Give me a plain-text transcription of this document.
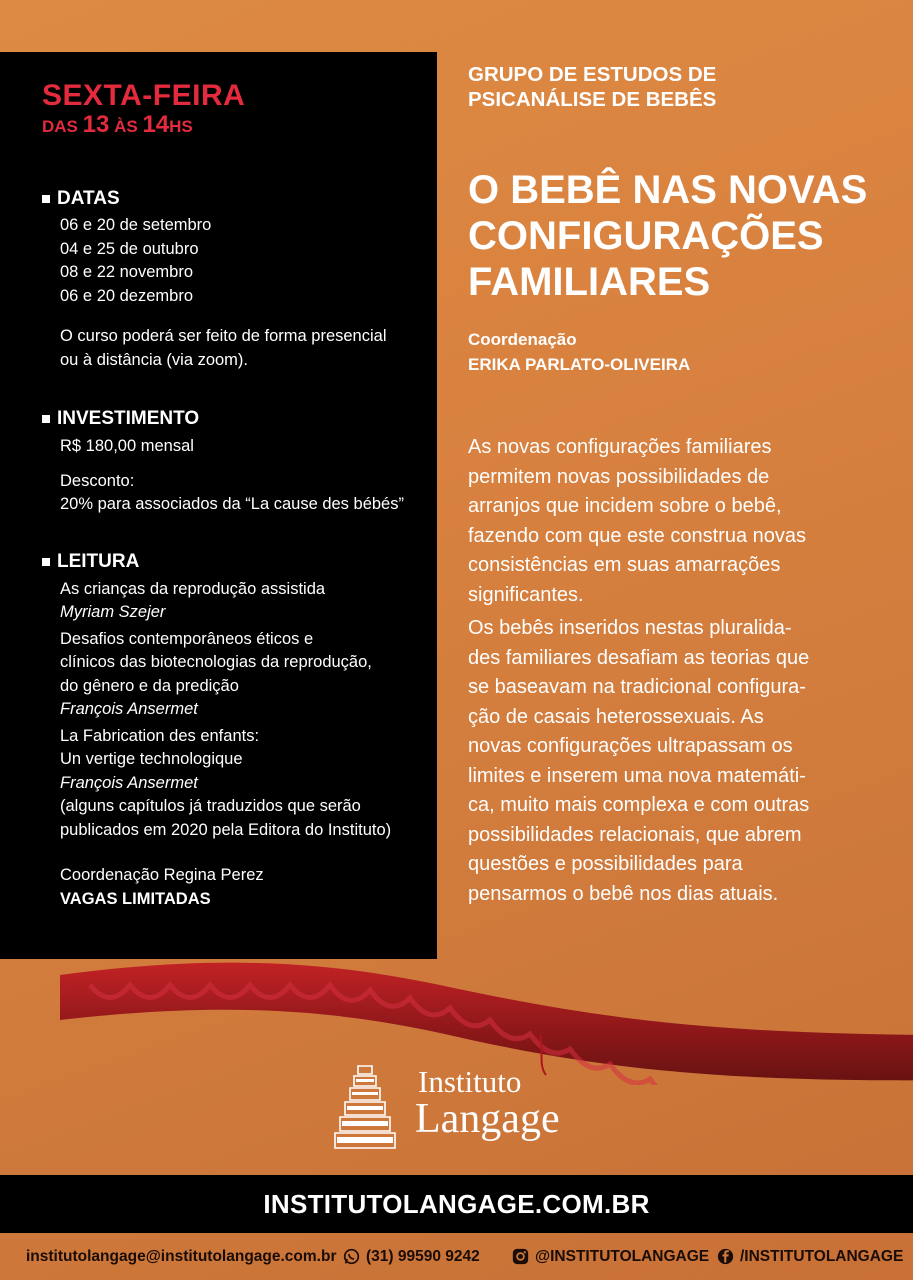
SEXTA-FEIRA
DAS 13 ÀS 14HS
DATAS
06 e 20 de setembro
04 e 25 de outubro
08 e 22 novembro
06 e 20 dezembro
O curso poderá ser feito de forma presencial
ou à distância (via zoom).
INVESTIMENTO
R$ 180,00 mensal
Desconto:
20% para associados da “La cause des bébés”
LEITURA
As crianças da reprodução assistida
Myriam Szejer
Desafios contemporâneos éticos e
clínicos das biotecnologias da reprodução,
do gênero e da predição
François Ansermet
La Fabrication des enfants:
Un vertige technologique
François Ansermet
(alguns capítulos já traduzidos que serão
publicados em 2020 pela Editora do Instituto)
Coordenação Regina Perez
VAGAS LIMITADAS
GRUPO DE ESTUDOS DE
PSICANÁLISE DE BEBÊS
O BEBÊ NAS NOVAS
CONFIGURAÇÕES
FAMILIARES
Coordenação
ERIKA PARLATO-OLIVEIRA
As novas configurações familiares
permitem novas possibilidades de
arranjos que incidem sobre o bebê,
fazendo com que este construa novas
consistências em suas amarrações
significantes.
Os bebês inseridos nestas pluralida-
des familiares desafiam as teorias que
se baseavam na tradicional configura-
ção de casais heterossexuais. As
novas configurações ultrapassam os
limites e inserem uma nova matemáti-
ca, muito mais complexa e com outras
possibilidades relacionais, que abrem
questões e possibilidades para
pensarmos o bebê nos dias atuais.
Instituto
Langage
INSTITUTOLANGAGE.COM.BR
institutolangage@institutolangage.com.br (31) 99590 9242	@INSTITUTOLANGAGE /INSTITUTOLANGAGE
